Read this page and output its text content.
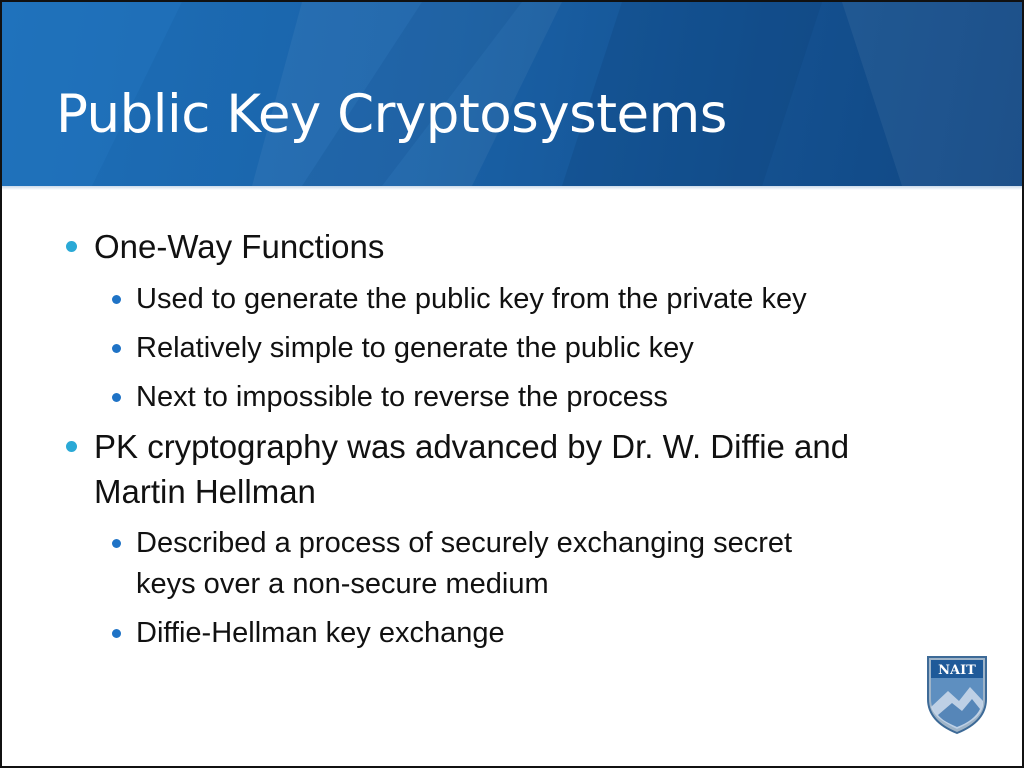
Public Key Cryptosystems
One-Way Functions
Used to generate the public key from the private key
Relatively simple to generate the public key
Next to impossible to reverse the process
PK cryptography was advanced by Dr. W. Diffie and
Martin Hellman
Described a process of securely exchanging secret
keys over a non-secure medium
Diffie-Hellman key exchange
NAIT
